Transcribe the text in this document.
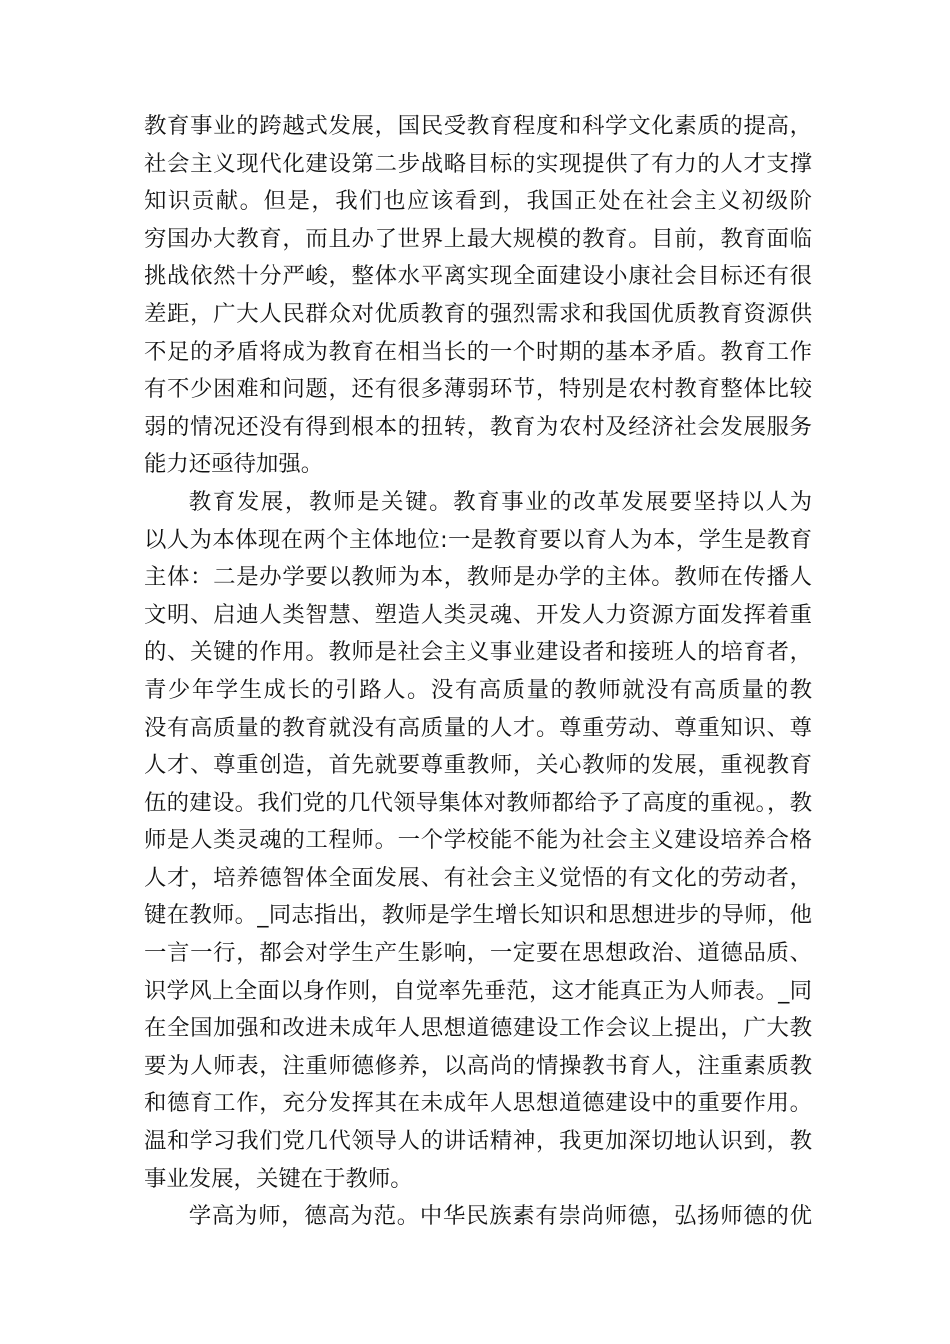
教育事业的跨越式发展，国民受教育程度和科学文化素质的提高，
社会主义现代化建设第二步战略目标的实现提供了有力的人才支撑
知识贡献。但是，我们也应该看到，我国正处在社会主义初级阶
穷国办大教育，而且办了世界上最大规模的教育。目前，教育面临
挑战依然十分严峻，整体水平离实现全面建设小康社会目标还有很
差距，广大人民群众对优质教育的强烈需求和我国优质教育资源供
不足的矛盾将成为教育在相当长的一个时期的基本矛盾。教育工作
有不少困难和问题，还有很多薄弱环节，特别是农村教育整体比较
弱的情况还没有得到根本的扭转，教育为农村及经济社会发展服务
能力还亟待加强。
教育发展，教师是关键。教育事业的改革发展要坚持以人为
以人为本体现在两个主体地位:一是教育要以育人为本，学生是教育
主体：二是办学要以教师为本，教师是办学的主体。教师在传播人
文明、启迪人类智慧、塑造人类灵魂、开发人力资源方面发挥着重
的、关键的作用。教师是社会主义事业建设者和接班人的培育者，
青少年学生成长的引路人。没有高质量的教师就没有高质量的教
没有高质量的教育就没有高质量的人才。尊重劳动、尊重知识、尊
人才、尊重创造，首先就要尊重教师，关心教师的发展，重视教育
伍的建设。我们党的几代领导集体对教师都给予了高度的重视。，教
师是人类灵魂的工程师。一个学校能不能为社会主义建设培养合格
人才，培养德智体全面发展、有社会主义觉悟的有文化的劳动者，
键在教师。_同志指出，教师是学生增长知识和思想进步的导师，他
一言一行，都会对学生产生影响，一定要在思想政治、道德品质、
识学风上全面以身作则，自觉率先垂范，这才能真正为人师表。_同
在全国加强和改进未成年人思想道德建设工作会议上提出，广大教
要为人师表，注重师德修养，以高尚的情操教书育人，注重素质教
和德育工作，充分发挥其在未成年人思想道德建设中的重要作用。
温和学习我们党几代领导人的讲话精神，我更加深切地认识到，教
事业发展，关键在于教师。
学高为师，德高为范。中华民族素有崇尚师德，弘扬师德的优
